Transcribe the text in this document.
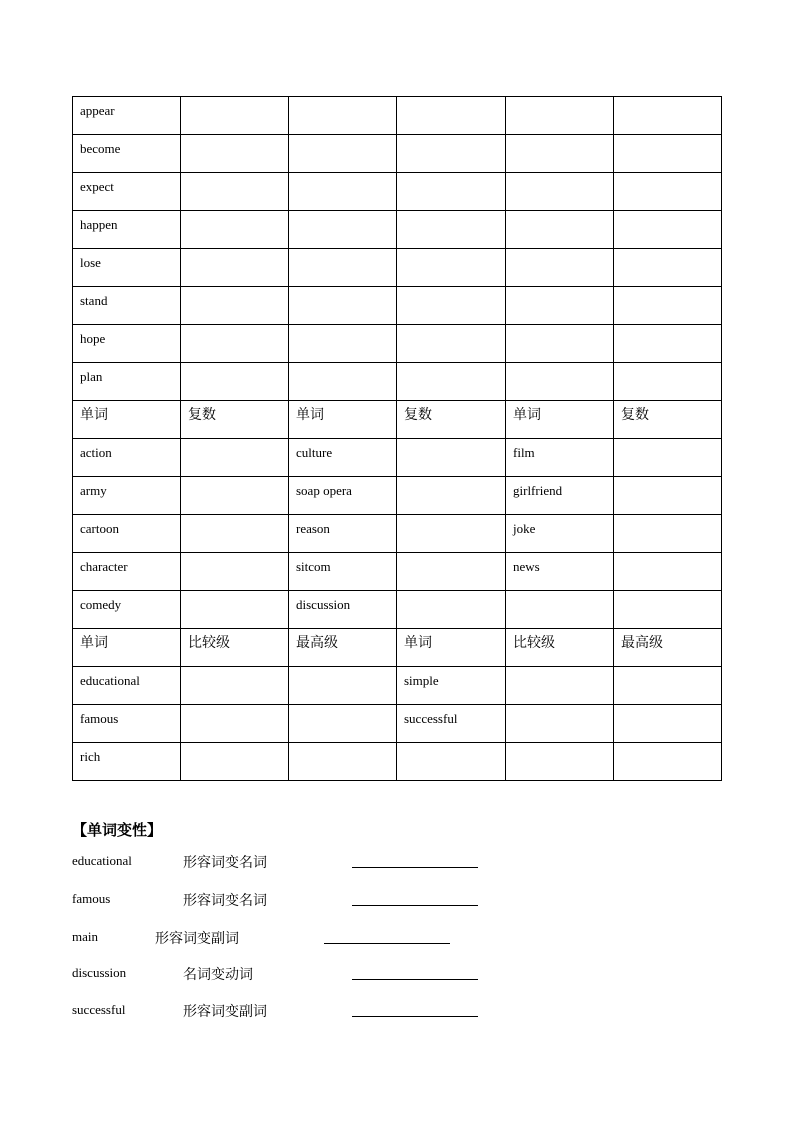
appear					

become					

expect					

happen					

lose					

stand					

hope					

plan					

单词	复数	单词	复数	单词	复数

action		culture		film	

army		soap opera		girlfriend	

cartoon		reason		joke	

character		sitcom		news	

comedy		discussion			

单词	比较级	最高级	单词	比较级	最高级

educational			simple		

famous			successful		

rich					

【单词变性】
educational	形容词变名词
famous	形容词变名词
main	形容词变副词
discussion	名词变动词
successful	形容词变副词
